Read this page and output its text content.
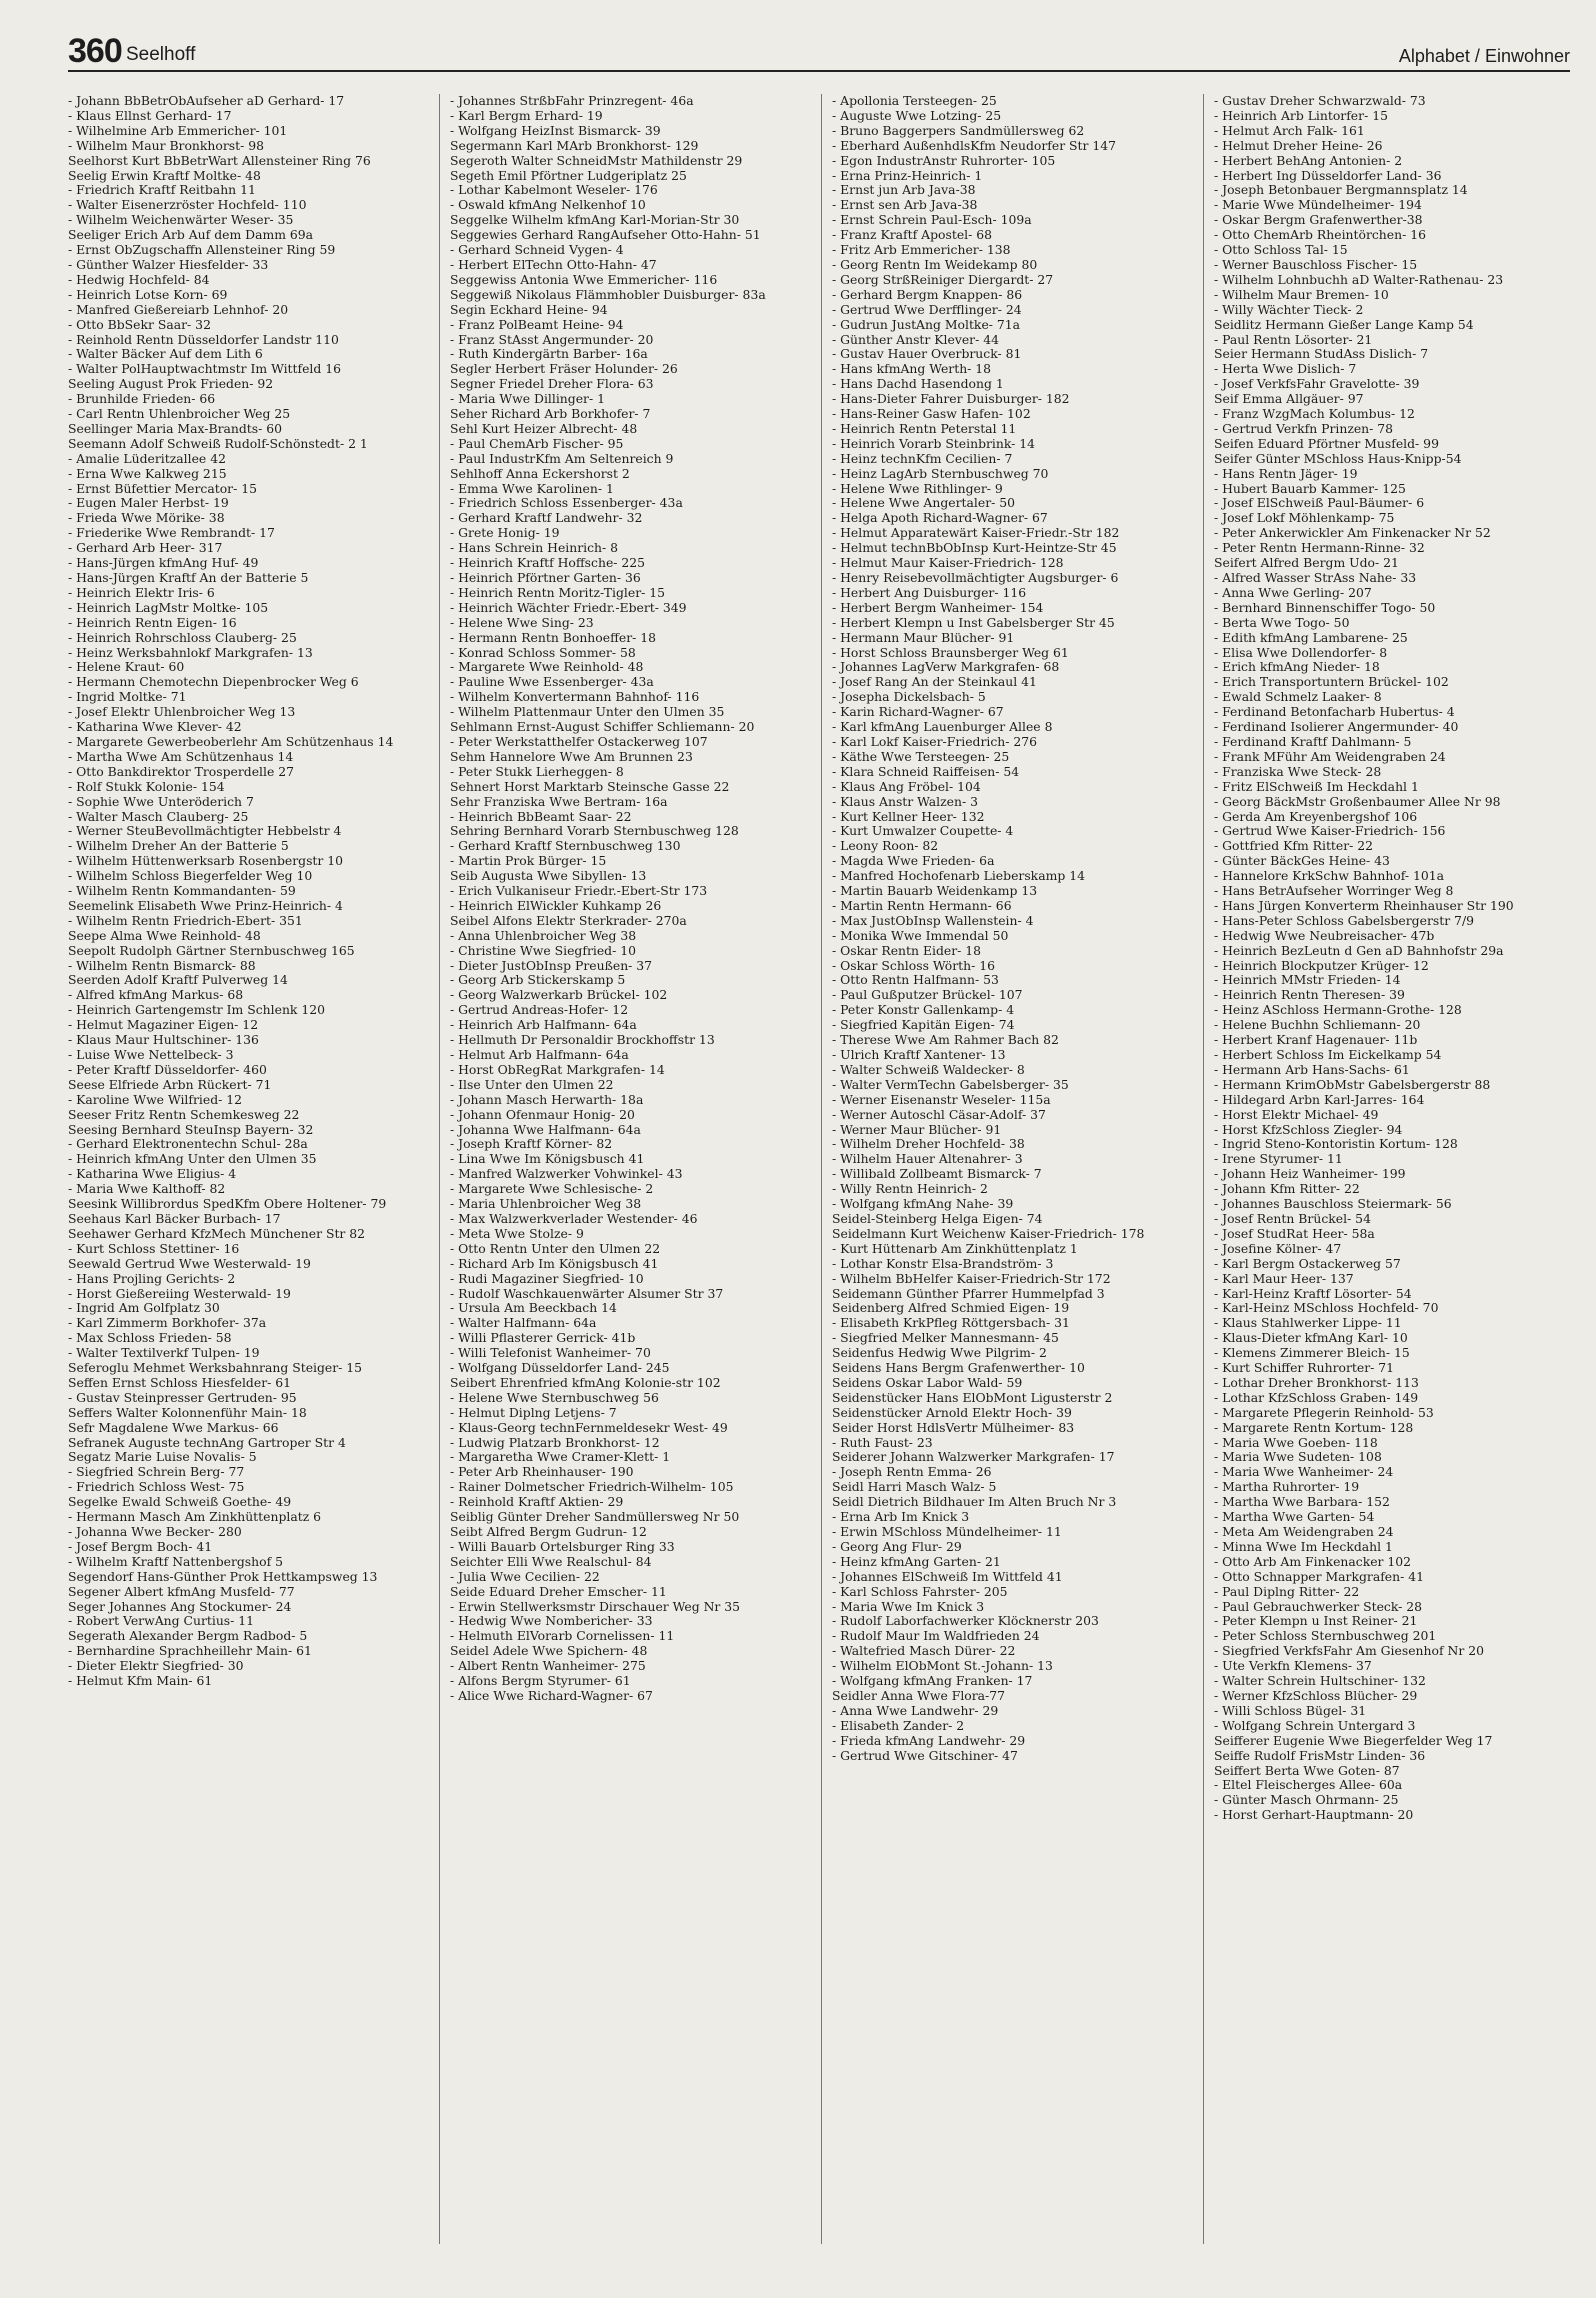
360 Seelhoff	Alphabet / Einwohner
- Johann BbBetrObAufseher aD Gerhard- 17
- Klaus Ellnst Gerhard- 17
- Wilhelmine Arb Emmericher- 101
- Wilhelm Maur Bronkhorst- 98
Seelhorst Kurt BbBetrWart Allensteiner Ring 76
Seelig Erwin Kraftf Moltke- 48
- Friedrich Kraftf Reitbahn 11
- Walter Eisenerzröster Hochfeld- 110
- Wilhelm Weichenwärter Weser- 35
Seeliger Erich Arb Auf dem Damm 69a
- Ernst ObZugschaffn Allensteiner Ring 59
- Günther Walzer Hiesfelder- 33
- Hedwig Hochfeld- 84
- Heinrich Lotse Korn- 69
- Manfred Gießereiarb Lehnhof- 20
- Otto BbSekr Saar- 32
- Reinhold Rentn Düsseldorfer Landstr 110
- Walter Bäcker Auf dem Lith 6
- Walter PolHauptwachtmstr Im Wittfeld 16
Seeling August Prok Frieden- 92
- Brunhilde Frieden- 66
- Carl Rentn Uhlenbroicher Weg 25
Seellinger Maria Max-Brandts- 60
Seemann Adolf Schweiß Rudolf-Schönstedt- 2 1
- Amalie Lüderitzallee 42
- Erna Wwe Kalkweg 215
- Ernst Büfettier Mercator- 15
- Eugen Maler Herbst- 19
- Frieda Wwe Mörike- 38
- Friederike Wwe Rembrandt- 17
- Gerhard Arb Heer- 317
- Hans-Jürgen kfmAng Huf- 49
- Hans-Jürgen Kraftf An der Batterie 5
- Heinrich Elektr Iris- 6
- Heinrich LagMstr Moltke- 105
- Heinrich Rentn Eigen- 16
- Heinrich Rohrschloss Clauberg- 25
- Heinz Werksbahnlokf Markgrafen- 13
- Helene Kraut- 60
- Hermann Chemotechn Diepenbrocker Weg 6
- Ingrid Moltke- 71
- Josef Elektr Uhlenbroicher Weg 13
- Katharina Wwe Klever- 42
- Margarete Gewerbeoberlehr Am Schützenhaus 14
- Martha Wwe Am Schützenhaus 14
- Otto Bankdirektor Trosperdelle 27
- Rolf Stukk Kolonie- 154
- Sophie Wwe Unteröderich 7
- Walter Masch Clauberg- 25
- Werner SteuBevollmächtigter Hebbelstr 4
- Wilhelm Dreher An der Batterie 5
- Wilhelm Hüttenwerksarb Rosenbergstr 10
- Wilhelm Schloss Biegerfelder Weg 10
- Wilhelm Rentn Kommandanten- 59
Seemelink Elisabeth Wwe Prinz-Heinrich- 4
- Wilhelm Rentn Friedrich-Ebert- 351
Seepe Alma Wwe Reinhold- 48
Seepolt Rudolph Gärtner Sternbuschweg 165
- Wilhelm Rentn Bismarck- 88
Seerden Adolf Kraftf Pulverweg 14
- Alfred kfmAng Markus- 68
- Heinrich Gartengemstr Im Schlenk 120
- Helmut Magaziner Eigen- 12
- Klaus Maur Hultschiner- 136
- Luise Wwe Nettelbeck- 3
- Peter Kraftf Düsseldorfer- 460
Seese Elfriede Arbn Rückert- 71
- Karoline Wwe Wilfried- 12
Seeser Fritz Rentn Schemkesweg 22
Seesing Bernhard SteuInsp Bayern- 32
- Gerhard Elektronentechn Schul- 28a
- Heinrich kfmAng Unter den Ulmen 35
- Katharina Wwe Eligius- 4
- Maria Wwe Kalthoff- 82
Seesink Willibrordus SpedKfm Obere Holtener- 79
Seehaus Karl Bäcker Burbach- 17
Seehawer Gerhard KfzMech Münchener Str 82
- Kurt Schloss Stettiner- 16
Seewald Gertrud Wwe Westerwald- 19
- Hans Projling Gerichts- 2
- Horst Gießereiing Westerwald- 19
- Ingrid Am Golfplatz 30
- Karl Zimmerm Borkhofer- 37a
- Max Schloss Frieden- 58
- Walter Textilverkf Tulpen- 19
Seferoglu Mehmet Werksbahnrang Steiger- 15
Seffen Ernst Schloss Hiesfelder- 61
- Gustav Steinpresser Gertruden- 95
Seffers Walter Kolonnenführ Main- 18
Sefr Magdalene Wwe Markus- 66
Sefranek Auguste technAng Gartroper Str 4
Segatz Marie Luise Novalis- 5
- Siegfried Schrein Berg- 77
- Friedrich Schloss West- 75
Segelke Ewald Schweiß Goethe- 49
- Hermann Masch Am Zinkhüttenplatz 6
- Johanna Wwe Becker- 280
- Josef Bergm Boch- 41
- Wilhelm Kraftf Nattenbergshof 5
Segendorf Hans-Günther Prok Hettkampsweg 13
Segener Albert kfmAng Musfeld- 77
Seger Johannes Ang Stockumer- 24
- Robert VerwAng Curtius- 11
Segerath Alexander Bergm Radbod- 5
- Bernhardine Sprachheillehr Main- 61
- Dieter Elektr Siegfried- 30
- Helmut Kfm Main- 61
- Johannes StrßbFahr Prinzregent- 46a
- Karl Bergm Erhard- 19
- Wolfgang HeizInst Bismarck- 39
Segermann Karl MArb Bronkhorst- 129
Segeroth Walter SchneidMstr Mathildenstr 29
Segeth Emil Pförtner Ludgeriplatz 25
- Lothar Kabelmont Weseler- 176
- Oswald kfmAng Nelkenhof 10
Seggelke Wilhelm kfmAng Karl-Morian-Str 30
Seggewies Gerhard RangAufseher Otto-Hahn- 51
- Gerhard Schneid Vygen- 4
- Herbert ElTechn Otto-Hahn- 47
Seggewiss Antonia Wwe Emmericher- 116
Seggewiß Nikolaus Flämmhobler Duisburger- 83a
Segin Eckhard Heine- 94
- Franz PolBeamt Heine- 94
- Franz StAsst Angermunder- 20
- Ruth Kindergärtn Barber- 16a
Segler Herbert Fräser Holunder- 26
Segner Friedel Dreher Flora- 63
- Maria Wwe Dillinger- 1
Seher Richard Arb Borkhofer- 7
Sehl Kurt Heizer Albrecht- 48
- Paul ChemArb Fischer- 95
- Paul IndustrKfm Am Seltenreich 9
Sehlhoff Anna Eckershorst 2
- Emma Wwe Karolinen- 1
- Friedrich Schloss Essenberger- 43a
- Gerhard Kraftf Landwehr- 32
- Grete Honig- 19
- Hans Schrein Heinrich- 8
- Heinrich Kraftf Hoffsche- 225
- Heinrich Pförtner Garten- 36
- Heinrich Rentn Moritz-Tigler- 15
- Heinrich Wächter Friedr.-Ebert- 349
- Helene Wwe Sing- 23
- Hermann Rentn Bonhoeffer- 18
- Konrad Schloss Sommer- 58
- Margarete Wwe Reinhold- 48
- Pauline Wwe Essenberger- 43a
- Wilhelm Konvertermann Bahnhof- 116
- Wilhelm Plattenmaur Unter den Ulmen 35
Sehlmann Ernst-August Schiffer Schliemann- 20
- Peter Werkstatthelfer Ostackerweg 107
Sehm Hannelore Wwe Am Brunnen 23
- Peter Stukk Lierheggen- 8
Sehnert Horst Marktarb Steinsche Gasse 22
Sehr Franziska Wwe Bertram- 16a
- Heinrich BbBeamt Saar- 22
Sehring Bernhard Vorarb Sternbuschweg 128
- Gerhard Kraftf Sternbuschweg 130
- Martin Prok Bürger- 15
Seib Augusta Wwe Sibyllen- 13
- Erich Vulkaniseur Friedr.-Ebert-Str 173
- Heinrich ElWickler Kuhkamp 26
Seibel Alfons Elektr Sterkrader- 270a
- Anna Uhlenbroicher Weg 38
- Christine Wwe Siegfried- 10
- Dieter JustObInsp Preußen- 37
- Georg Arb Stickerskamp 5
- Georg Walzwerkarb Brückel- 102
- Gertrud Andreas-Hofer- 12
- Heinrich Arb Halfmann- 64a
- Hellmuth Dr Personaldir Brockhoffstr 13
- Helmut Arb Halfmann- 64a
- Horst ObRegRat Markgrafen- 14
- Ilse Unter den Ulmen 22
- Johann Masch Herwarth- 18a
- Johann Ofenmaur Honig- 20
- Johanna Wwe Halfmann- 64a
- Joseph Kraftf Körner- 82
- Lina Wwe Im Königsbusch 41
- Manfred Walzwerker Vohwinkel- 43
- Margarete Wwe Schlesische- 2
- Maria Uhlenbroicher Weg 38
- Max Walzwerkverlader Westender- 46
- Meta Wwe Stolze- 9
- Otto Rentn Unter den Ulmen 22
- Richard Arb Im Königsbusch 41
- Rudi Magaziner Siegfried- 10
- Rudolf Waschkauenwärter Alsumer Str 37
- Ursula Am Beeckbach 14
- Walter Halfmann- 64a
- Willi Pflasterer Gerrick- 41b
- Willi Telefonist Wanheimer- 70
- Wolfgang Düsseldorfer Land- 245
Seibert Ehrenfried kfmAng Kolonie-str 102
- Helene Wwe Sternbuschweg 56
- Helmut Diplng Letjens- 7
- Klaus-Georg technFernmeldesekr West- 49
- Ludwig Platzarb Bronkhorst- 12
- Margaretha Wwe Cramer-Klett- 1
- Peter Arb Rheinhauser- 190
- Rainer Dolmetscher Friedrich-Wilhelm- 105
- Reinhold Kraftf Aktien- 29
Seiblig Günter Dreher Sandmüllersweg Nr 50
Seibt Alfred Bergm Gudrun- 12
- Willi Bauarb Ortelsburger Ring 33
Seichter Elli Wwe Realschul- 84
- Julia Wwe Cecilien- 22
Seide Eduard Dreher Emscher- 11
- Erwin Stellwerksmstr Dirschauer Weg Nr 35
- Hedwig Wwe Nombericher- 33
- Helmuth ElVorarb Cornelissen- 11
Seidel Adele Wwe Spichern- 48
- Albert Rentn Wanheimer- 275
- Alfons Bergm Styrumer- 61
- Alice Wwe Richard-Wagner- 67
- Apollonia Tersteegen- 25
- Auguste Wwe Lotzing- 25
- Bruno Baggerpers Sandmüllersweg 62
- Eberhard AußenhdlsKfm Neudorfer Str 147
- Egon IndustrAnstr Ruhrorter- 105
- Erna Prinz-Heinrich- 1
- Ernst jun Arb Java-38
- Ernst sen Arb Java-38
- Ernst Schrein Paul-Esch- 109a
- Franz Kraftf Apostel- 68
- Fritz Arb Emmericher- 138
- Georg Rentn Im Weidekamp 80
- Georg StrßReiniger Diergardt- 27
- Gerhard Bergm Knappen- 86
- Gertrud Wwe Derfflinger- 24
- Gudrun JustAng Moltke- 71a
- Günther Anstr Klever- 44
- Gustav Hauer Overbruck- 81
- Hans kfmAng Werth- 18
- Hans Dachd Hasendong 1
- Hans-Dieter Fahrer Duisburger- 182
- Hans-Reiner Gasw Hafen- 102
- Heinrich Rentn Peterstal 11
- Heinrich Vorarb Steinbrink- 14
- Heinz technKfm Cecilien- 7
- Heinz LagArb Sternbuschweg 70
- Helene Wwe Rithlinger- 9
- Helene Wwe Angertaler- 50
- Helga Apoth Richard-Wagner- 67
- Helmut Apparatewärt Kaiser-Friedr.-Str 182
- Helmut technBbObInsp Kurt-Heintze-Str 45
- Helmut Maur Kaiser-Friedrich- 128
- Henry Reisebevollmächtigter Augsburger- 6
- Herbert Ang Duisburger- 116
- Herbert Bergm Wanheimer- 154
- Herbert Klempn u Inst Gabelsberger Str 45
- Hermann Maur Blücher- 91
- Horst Schloss Braunsberger Weg 61
- Johannes LagVerw Markgrafen- 68
- Josef Rang An der Steinkaul 41
- Josepha Dickelsbach- 5
- Karin Richard-Wagner- 67
- Karl kfmAng Lauenburger Allee 8
- Karl Lokf Kaiser-Friedrich- 276
- Käthe Wwe Tersteegen- 25
- Klara Schneid Raiffeisen- 54
- Klaus Ang Fröbel- 104
- Klaus Anstr Walzen- 3
- Kurt Kellner Heer- 132
- Kurt Umwalzer Coupette- 4
- Leony Roon- 82
- Magda Wwe Frieden- 6a
- Manfred Hochofenarb Lieberskamp 14
- Martin Bauarb Weidenkamp 13
- Martin Rentn Hermann- 66
- Max JustObInsp Wallenstein- 4
- Monika Wwe Immendal 50
- Oskar Rentn Eider- 18
- Oskar Schloss Wörth- 16
- Otto Rentn Halfmann- 53
- Paul Gußputzer Brückel- 107
- Peter Konstr Gallenkamp- 4
- Siegfried Kapitän Eigen- 74
- Therese Wwe Am Rahmer Bach 82
- Ulrich Kraftf Xantener- 13
- Walter Schweiß Waldecker- 8
- Walter VermTechn Gabelsberger- 35
- Werner Eisenanstr Weseler- 115a
- Werner Autoschl Cäsar-Adolf- 37
- Werner Maur Blücher- 91
- Wilhelm Dreher Hochfeld- 38
- Wilhelm Hauer Altenahrer- 3
- Willibald Zollbeamt Bismarck- 7
- Willy Rentn Heinrich- 2
- Wolfgang kfmAng Nahe- 39
Seidel-Steinberg Helga Eigen- 74
Seidelmann Kurt Weichenw Kaiser-Friedrich- 178
- Kurt Hüttenarb Am Zinkhüttenplatz 1
- Lothar Konstr Elsa-Brandström- 3
- Wilhelm BbHelfer Kaiser-Friedrich-Str 172
Seidemann Günther Pfarrer Hummelpfad 3
Seidenberg Alfred Schmied Eigen- 19
- Elisabeth KrkPfleg Röttgersbach- 31
- Siegfried Melker Mannesmann- 45
Seidenfus Hedwig Wwe Pilgrim- 2
Seidens Hans Bergm Grafenwerther- 10
Seidens Oskar Labor Wald- 59
Seidenstücker Hans ElObMont Ligusterstr 2
Seidenstücker Arnold Elektr Hoch- 39
Seider Horst HdlsVertr Mülheimer- 83
- Ruth Faust- 23
Seiderer Johann Walzwerker Markgrafen- 17
- Joseph Rentn Emma- 26
Seidl Harri Masch Walz- 5
Seidl Dietrich Bildhauer Im Alten Bruch Nr 3
- Erna Arb Im Knick 3
- Erwin MSchloss Mündelheimer- 11
- Georg Ang Flur- 29
- Heinz kfmAng Garten- 21
- Johannes ElSchweiß Im Wittfeld 41
- Karl Schloss Fahrster- 205
- Maria Wwe Im Knick 3
- Rudolf Laborfachwerker Klöcknerstr 203
- Rudolf Maur Im Waldfrieden 24
- Waltefried Masch Dürer- 22
- Wilhelm ElObMont St.-Johann- 13
- Wolfgang kfmAng Franken- 17
Seidler Anna Wwe Flora-77
- Anna Wwe Landwehr- 29
- Elisabeth Zander- 2
- Frieda kfmAng Landwehr- 29
- Gertrud Wwe Gitschiner- 47
- Gustav Dreher Schwarzwald- 73
- Heinrich Arb Lintorfer- 15
- Helmut Arch Falk- 161
- Helmut Dreher Heine- 26
- Herbert BehAng Antonien- 2
- Herbert Ing Düsseldorfer Land- 36
- Joseph Betonbauer Bergmannsplatz 14
- Marie Wwe Mündelheimer- 194
- Oskar Bergm Grafenwerther-38
- Otto ChemArb Rheintörchen- 16
- Otto Schloss Tal- 15
- Werner Bauschloss Fischer- 15
- Wilhelm Lohnbuchh aD Walter-Rathenau- 23
- Wilhelm Maur Bremen- 10
- Willy Wächter Tieck- 2
Seidlitz Hermann Gießer Lange Kamp 54
- Paul Rentn Lösorter- 21
Seier Hermann StudAss Dislich- 7
- Herta Wwe Dislich- 7
- Josef VerkfsFahr Gravelotte- 39
Seif Emma Allgäuer- 97
- Franz WzgMach Kolumbus- 12
- Gertrud Verkfn Prinzen- 78
Seifen Eduard Pförtner Musfeld- 99
Seifer Günter MSchloss Haus-Knipp-54
- Hans Rentn Jäger- 19
- Hubert Bauarb Kammer- 125
- Josef ElSchweiß Paul-Bäumer- 6
- Josef Lokf Möhlenkamp- 75
- Peter Ankerwickler Am Finkenacker Nr 52
- Peter Rentn Hermann-Rinne- 32
Seifert Alfred Bergm Udo- 21
- Alfred Wasser StrAss Nahe- 33
- Anna Wwe Gerling- 207
- Bernhard Binnenschiffer Togo- 50
- Berta Wwe Togo- 50
- Edith kfmAng Lambarene- 25
- Elisa Wwe Dollendorfer- 8
- Erich kfmAng Nieder- 18
- Erich Transportuntern Brückel- 102
- Ewald Schmelz Laaker- 8
- Ferdinand Betonfacharb Hubertus- 4
- Ferdinand Isolierer Angermunder- 40
- Ferdinand Kraftf Dahlmann- 5
- Frank MFühr Am Weidengraben 24
- Franziska Wwe Steck- 28
- Fritz ElSchweiß Im Heckdahl 1
- Georg BäckMstr Großenbaumer Allee Nr 98
- Gerda Am Kreyenbergshof 106
- Gertrud Wwe Kaiser-Friedrich- 156
- Gottfried Kfm Ritter- 22
- Günter BäckGes Heine- 43
- Hannelore KrkSchw Bahnhof- 101a
- Hans BetrAufseher Worringer Weg 8
- Hans Jürgen Konverterm Rheinhauser Str 190
- Hans-Peter Schloss Gabelsbergerstr 7/9
- Hedwig Wwe Neubreisacher- 47b
- Heinrich BezLeutn d Gen aD Bahnhofstr 29a
- Heinrich Blockputzer Krüger- 12
- Heinrich MMstr Frieden- 14
- Heinrich Rentn Theresen- 39
- Heinz ASchloss Hermann-Grothe- 128
- Helene Buchhn Schliemann- 20
- Herbert Kranf Hagenauer- 11b
- Herbert Schloss Im Eickelkamp 54
- Hermann Arb Hans-Sachs- 61
- Hermann KrimObMstr Gabelsbergerstr 88
- Hildegard Arbn Karl-Jarres- 164
- Horst Elektr Michael- 49
- Horst KfzSchloss Ziegler- 94
- Ingrid Steno-Kontoristin Kortum- 128
- Irene Styrumer- 11
- Johann Heiz Wanheimer- 199
- Johann Kfm Ritter- 22
- Johannes Bauschloss Steiermark- 56
- Josef Rentn Brückel- 54
- Josef StudRat Heer- 58a
- Josefine Kölner- 47
- Karl Bergm Ostackerweg 57
- Karl Maur Heer- 137
- Karl-Heinz Kraftf Lösorter- 54
- Karl-Heinz MSchloss Hochfeld- 70
- Klaus Stahlwerker Lippe- 11
- Klaus-Dieter kfmAng Karl- 10
- Klemens Zimmerer Bleich- 15
- Kurt Schiffer Ruhrorter- 71
- Lothar Dreher Bronkhorst- 113
- Lothar KfzSchloss Graben- 149
- Margarete Pflegerin Reinhold- 53
- Margarete Rentn Kortum- 128
- Maria Wwe Goeben- 118
- Maria Wwe Sudeten- 108
- Maria Wwe Wanheimer- 24
- Martha Ruhrorter- 19
- Martha Wwe Barbara- 152
- Martha Wwe Garten- 54
- Meta Am Weidengraben 24
- Minna Wwe Im Heckdahl 1
- Otto Arb Am Finkenacker 102
- Otto Schnapper Markgrafen- 41
- Paul Diplng Ritter- 22
- Paul Gebrauchwerker Steck- 28
- Peter Klempn u Inst Reiner- 21
- Peter Schloss Sternbuschweg 201
- Siegfried VerkfsFahr Am Giesenhof Nr 20
- Ute Verkfn Klemens- 37
- Walter Schrein Hultschiner- 132
- Werner KfzSchloss Blücher- 29
- Willi Schloss Bügel- 31
- Wolfgang Schrein Untergard 3
Seifferer Eugenie Wwe Biegerfelder Weg 17
Seiffe Rudolf FrisMstr Linden- 36
Seiffert Berta Wwe Goten- 87
- Eltel Fleischerges Allee- 60a
- Günter Masch Ohrmann- 25
- Horst Gerhart-Hauptmann- 20
